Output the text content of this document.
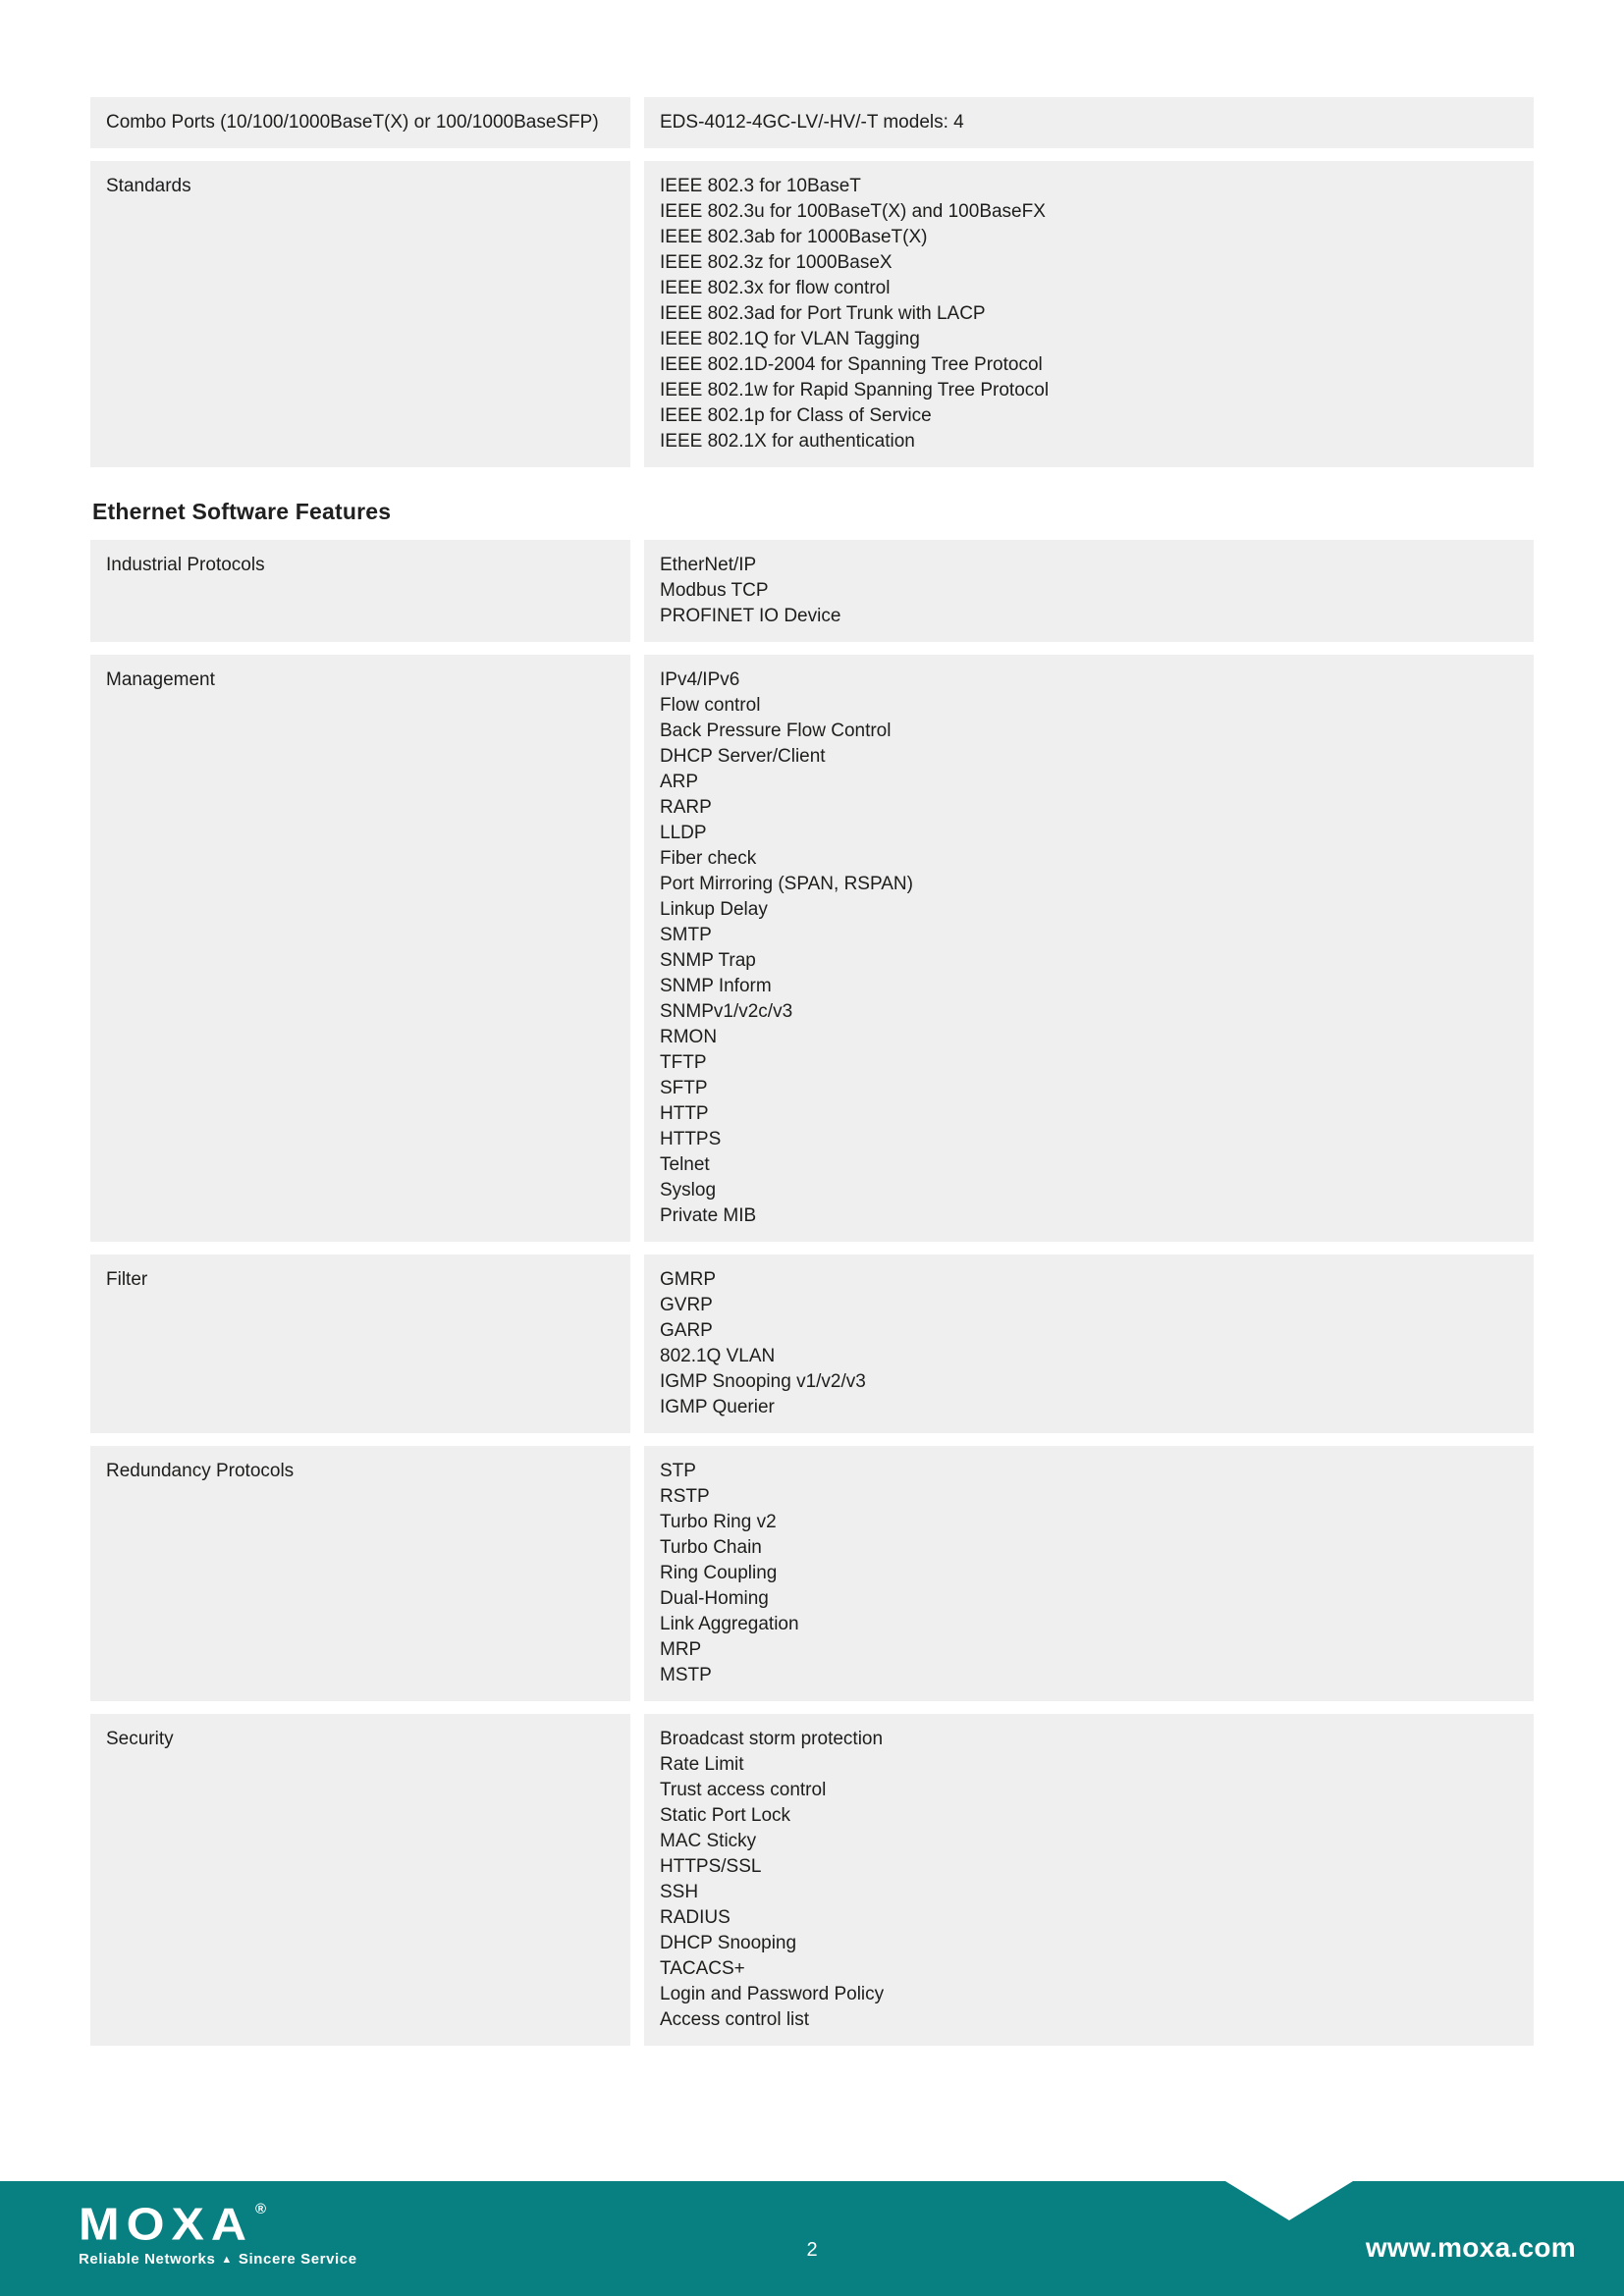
Combo Ports (10/100/1000BaseT(X) or 100/1000BaseSFP)	EDS-4012-4GC-LV/-HV/-T models: 4
Standards	IEEE 802.3 for 10BaseT
IEEE 802.3u for 100BaseT(X) and 100BaseFX
IEEE 802.3ab for 1000BaseT(X)
IEEE 802.3z for 1000BaseX
IEEE 802.3x for flow control
IEEE 802.3ad for Port Trunk with LACP
IEEE 802.1Q for VLAN Tagging
IEEE 802.1D-2004 for Spanning Tree Protocol
IEEE 802.1w for Rapid Spanning Tree Protocol
IEEE 802.1p for Class of Service
IEEE 802.1X for authentication
Ethernet Software Features
Industrial Protocols	EtherNet/IP
Modbus TCP
PROFINET IO Device
Management	IPv4/IPv6
Flow control
Back Pressure Flow Control
DHCP Server/Client
ARP
RARP
LLDP
Fiber check
Port Mirroring (SPAN, RSPAN)
Linkup Delay
SMTP
SNMP Trap
SNMP Inform
SNMPv1/v2c/v3
RMON
TFTP
SFTP
HTTP
HTTPS
Telnet
Syslog
Private MIB
Filter	GMRP
GVRP
GARP
802.1Q VLAN
IGMP Snooping v1/v2/v3
IGMP Querier
Redundancy Protocols	STP
RSTP
Turbo Ring v2
Turbo Chain
Ring Coupling
Dual-Homing
Link Aggregation
MRP
MSTP
Security	Broadcast storm protection
Rate Limit
Trust access control
Static Port Lock
MAC Sticky
HTTPS/SSL
SSH
RADIUS
DHCP Snooping
TACACS+
Login and Password Policy
Access control list
MOXA ®
Reliable Networks ▲ Sincere Service	2	www.moxa.com
